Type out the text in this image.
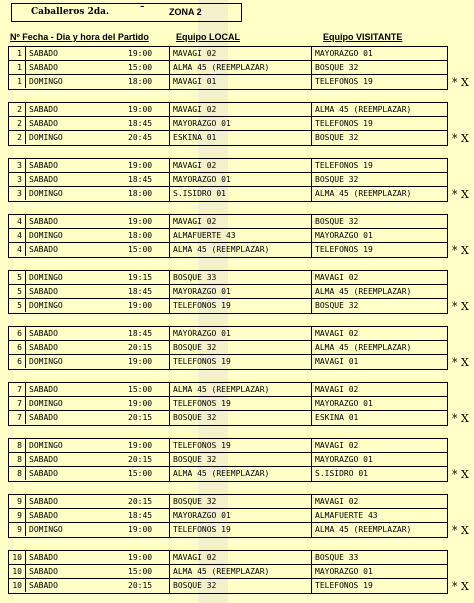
Caballeros 2da.	–	ZONA 2
Nº Fecha - Dia y hora del Partido	Equipo LOCAL	Equipo VISITANTE
1 SABADO	19:00	MAVAGI 02	MAYORAZGO 01
1 SABADO	15:00	ALMA 45 (REEMPLAZAR)	BOSQUE 32
1 DOMINGO	18:00	MAVAGI 01	TELEFONOS 19	* X
2 SABADO	19:00	MAVAGI 02	ALMA 45 (REEMPLAZAR)
2 SABADO	18:45	MAYORAZGO 01	TELEFONOS 19
2 DOMINGO	20:45	ESKINA 01	BOSQUE 32	* X
3 SABADO	19:00	MAVAGI 02	TELEFONOS 19
3 SABADO	18:45	MAYORAZGO 01	BOSQUE 32
3 DOMINGO	18:00	S.ISIDRO 01	ALMA 45 (REEMPLAZAR)	* X
4 SABADO	19:00	MAVAGI 02	BOSQUE 32
4 DOMINGO	18:00	ALMAFUERTE 43	MAYORAZGO 01
4 SABADO	15:00	ALMA 45 (REEMPLAZAR)	TELEFONOS 19	* X
5 DOMINGO	19:15	BOSQUE 33	MAVAGI 02
5 SABADO	18:45	MAYORAZGO 01	ALMA 45 (REEMPLAZAR)
5 DOMINGO	19:00	TELEFONOS 19	BOSQUE 32	* X
6 SABADO	18:45	MAYORAZGO 01	MAVAGI 02
6 SABADO	20:15	BOSQUE 32	ALMA 45 (REEMPLAZAR)
6 DOMINGO	19:00	TELEFONOS 19	MAVAGI 01	* X
7 SABADO	15:00	ALMA 45 (REEMPLAZAR)	MAVAGI 02
7 DOMINGO	19:00	TELEFONOS 19	MAYORAZGO 01
7 SABADO	20:15	BOSQUE 32	ESKINA 01	* X
8 DOMINGO	19:00	TELEFONOS 19	MAVAGI 02
8 SABADO	20:15	BOSQUE 32	MAYORAZGO 01
8 SABADO	15:00	ALMA 45 (REEMPLAZAR)	S.ISIDRO 01	* X
9 SABADO	20:15	BOSQUE 32	MAVAGI 02
9 SABADO	18:45	MAYORAZGO 01	ALMAFUERTE 43
9 DOMINGO	19:00	TELEFONOS 19	ALMA 45 (REEMPLAZAR)	* X
10 SABADO	19:00	MAVAGI 02	BOSQUE 33
10 SABADO	15:00	ALMA 45 (REEMPLAZAR)	MAYORAZGO 01
10 SABADO	20:15	BOSQUE 32	TELEFONOS 19	* X
